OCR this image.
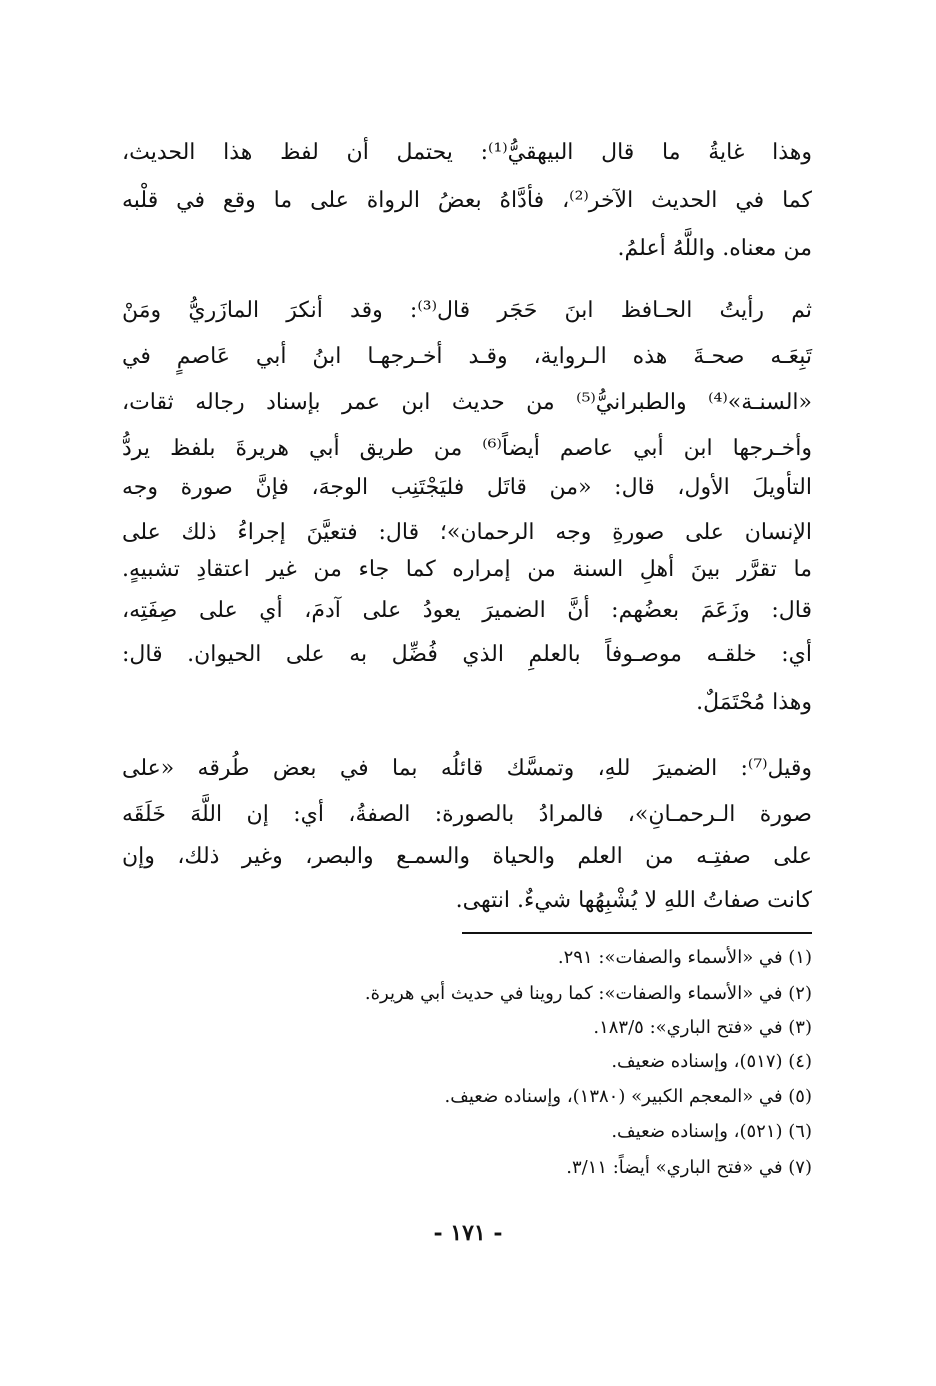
وهذا غايةُ ما قال البيهقيُّ⁽¹⁾: يحتمل أن لفظ هذا الحديث،
كما في الحديث الآخر⁽²⁾، فأدَّاهُ بعضُ الرواة على ما وقع في قلْبه
من معناه. واللَّهُ أعلمُ.
ثم رأيتُ الحـافظ ابنَ حَجَر قال⁽³⁾: وقد أنكرَ المازَريُّ ومَنْ
تَبِعَـه صحـةَ هذه الـرواية، وقـد أخـرجهـا ابنُ أبي عَاصمٍ في
«السنـة»⁽⁴⁾ والطبرانيُّ⁽⁵⁾ من حديث ابن عمر بإسناد رجاله ثقات،
وأخـرجها ابن أبي عاصم أيضاً⁽⁶⁾ من طريق أبي هريرةَ بلفظ يردُّ
التأويلَ الأول، قال: «من قاتَل فليَجْتَنِب الوجهَ، فإنَّ صورة وجه
الإنسان على صورةِ وجه الرحمان»؛ قال: فتعيَّنَ إجراءُ ذلك على
ما تقرَّر بينَ أهلِ السنة من إمراره كما جاء من غير اعتقادِ تشبيهٍ.
قال: وزَعَمَ بعضُهم: أنَّ الضميرَ يعودُ على آدمَ، أي على صِفَتِه،
أي: خلقـه موصـوفاً بالعلمِ الذي فُضِّل به على الحيوان. قال:
وهذا مُحْتَمَلٌ.
وقيل⁽⁷⁾: الضميرَ للهِ، وتمسَّك قائلُه بما في بعض طُرقه «على
صورة الـرحمـانِ»، فالمرادُ بالصورة: الصفةُ، أي: إن اللَّهَ خَلَقَه
على صفتِـه من العلم والحياة والسمـع والبصر، وغير ذلك، وإن
كانت صفاتُ اللهِ لا يُشْبِهُها شيءٌ. انتهى.
(١) في «الأسماء والصفات»: ٢٩١.
(٢) في «الأسماء والصفات»: كما روينا في حديث أبي هريرة.
(٣) في «فتح الباري»: ١٨٣/٥.
(٤) (٥١٧)، وإسناده ضعيف.
(٥) في «المعجم الكبير» (١٣٨٠)، وإسناده ضعيف.
(٦) (٥٢١)، وإسناده ضعيف.
(٧) في «فتح الباري» أيضاً: ٣/١١.
- ١٧١ -
